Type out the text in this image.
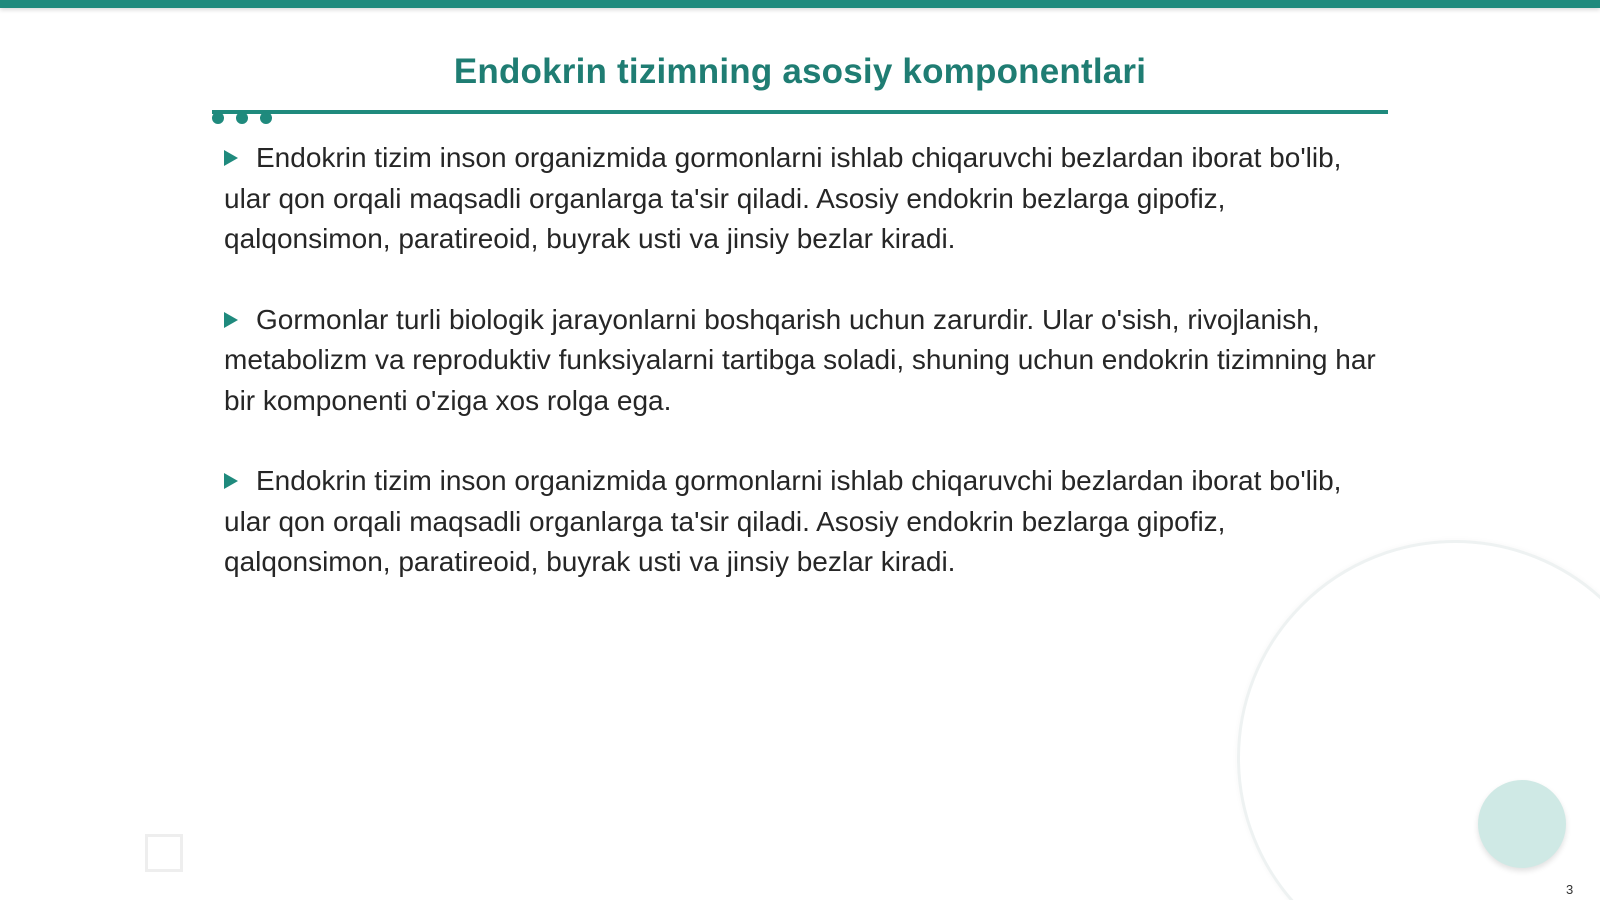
Endokrin tizimning asosiy komponentlari
Endokrin tizim inson organizmida gormonlarni ishlab chiqaruvchi bezlardan iborat bo'lib, ular qon orqali maqsadli organlarga ta'sir qiladi. Asosiy endokrin bezlarga gipofiz, qalqonsimon, paratireoid, buyrak usti va jinsiy bezlar kiradi.
Gormonlar turli biologik jarayonlarni boshqarish uchun zarurdir. Ular o'sish, rivojlanish, metabolizm va reproduktiv funksiyalarni tartibga soladi, shuning uchun endokrin tizimning har bir komponenti o'ziga xos rolga ega.
Endokrin tizim inson organizmida gormonlarni ishlab chiqaruvchi bezlardan iborat bo'lib, ular qon orqali maqsadli organlarga ta'sir qiladi. Asosiy endokrin bezlarga gipofiz, qalqonsimon, paratireoid, buyrak usti va jinsiy bezlar kiradi.
3
